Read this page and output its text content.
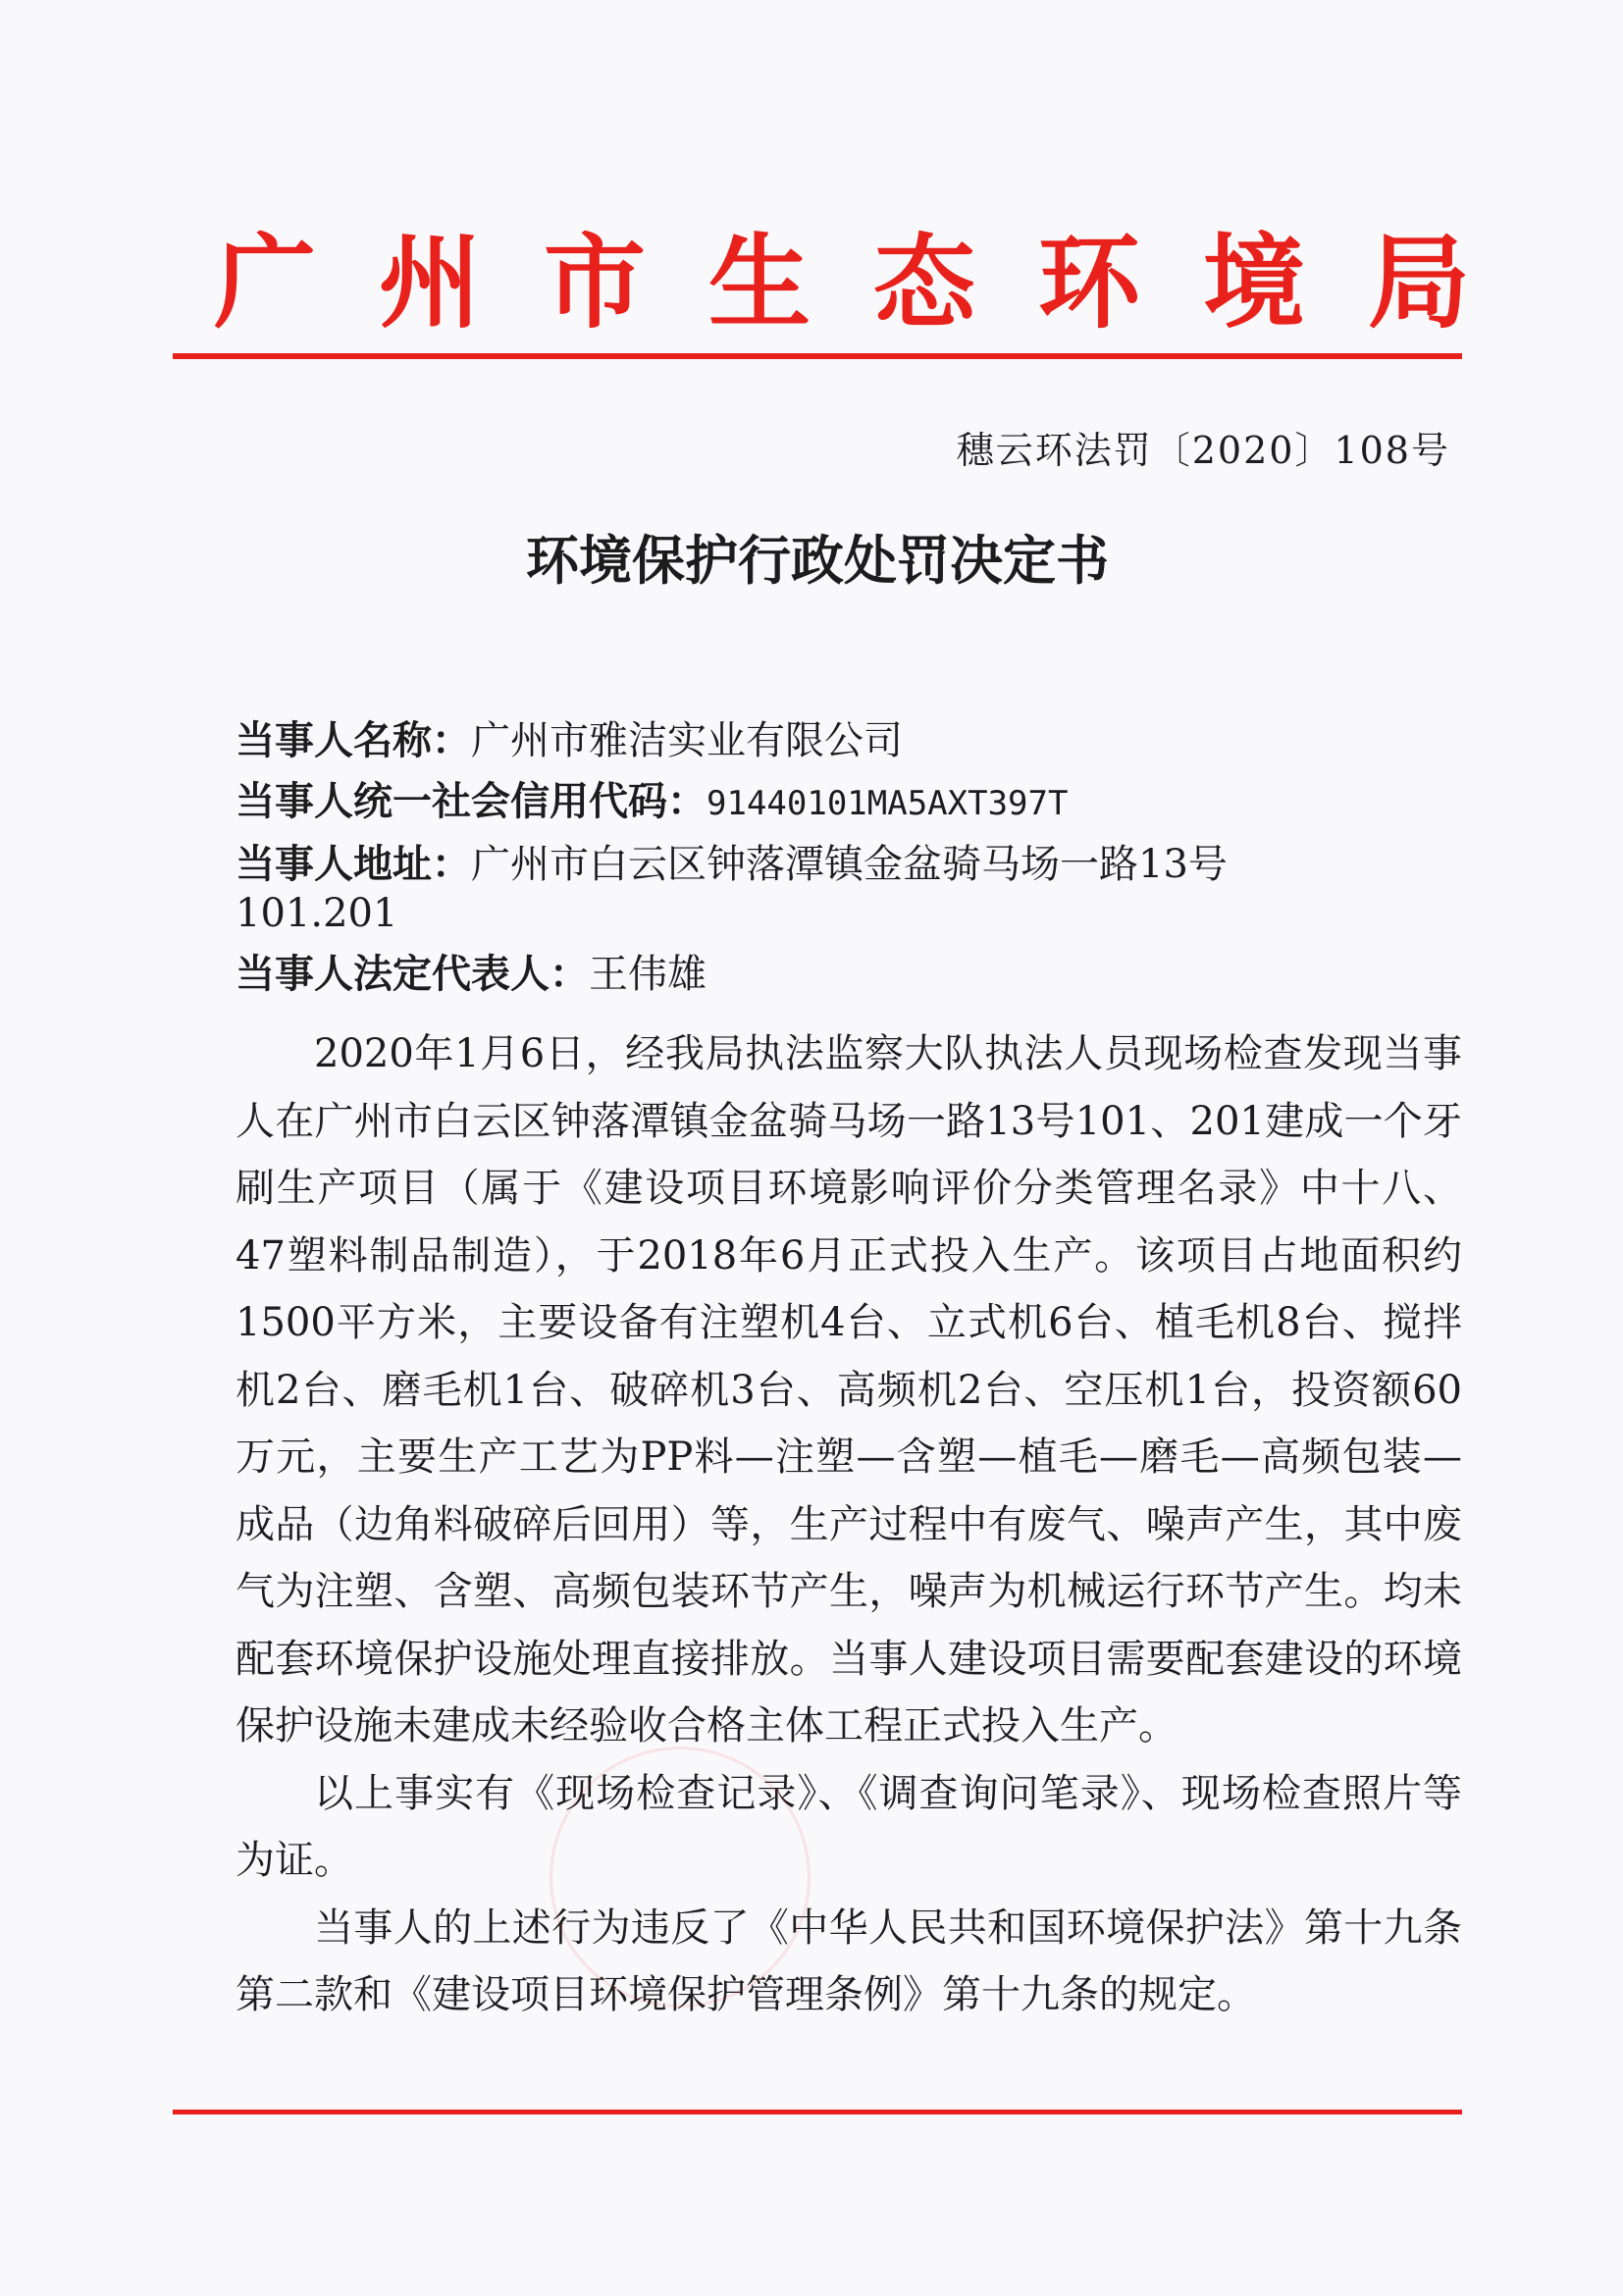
广州市生态环境局
穗云环法罚〔2020〕108号
环境保护行政处罚决定书
当事人名称：广州市雅洁实业有限公司
当事人统一社会信用代码：91440101MA5AXT397T
当事人地址：广州市白云区钟落潭镇金盆骑马场一路13号
101.201
当事人法定代表人：王伟雄

2020年1月6日，经我局执法监察大队执法人员现场检查发现当事人在广州市白云区钟落潭镇金盆骑马场一路13号101、201建成一个牙刷生产项目（属于《建设项目环境影响评价分类管理名录》中十八、47塑料制品制造），于2018年6月正式投入生产。该项目占地面积约1500平方米，主要设备有注塑机4台、立式机6台、植毛机8台、搅拌机2台、磨毛机1台、破碎机3台、高频机2台、空压机1台，投资额60万元，主要生产工艺为PP料—注塑—含塑—植毛—磨毛—高频包装—成品（边角料破碎后回用）等，生产过程中有废气、噪声产生，其中废气为注塑、含塑、高频包装环节产生，噪声为机械运行环节产生。均未配套环境保护设施处理直接排放。当事人建设项目需要配套建设的环境保护设施未建成未经验收合格主体工程正式投入生产。

以上事实有《现场检查记录》、《调查询问笔录》、现场检查照片等为证。

当事人的上述行为违反了《中华人民共和国环境保护法》第十九条第二款和《建设项目环境保护管理条例》第十九条的规定。
